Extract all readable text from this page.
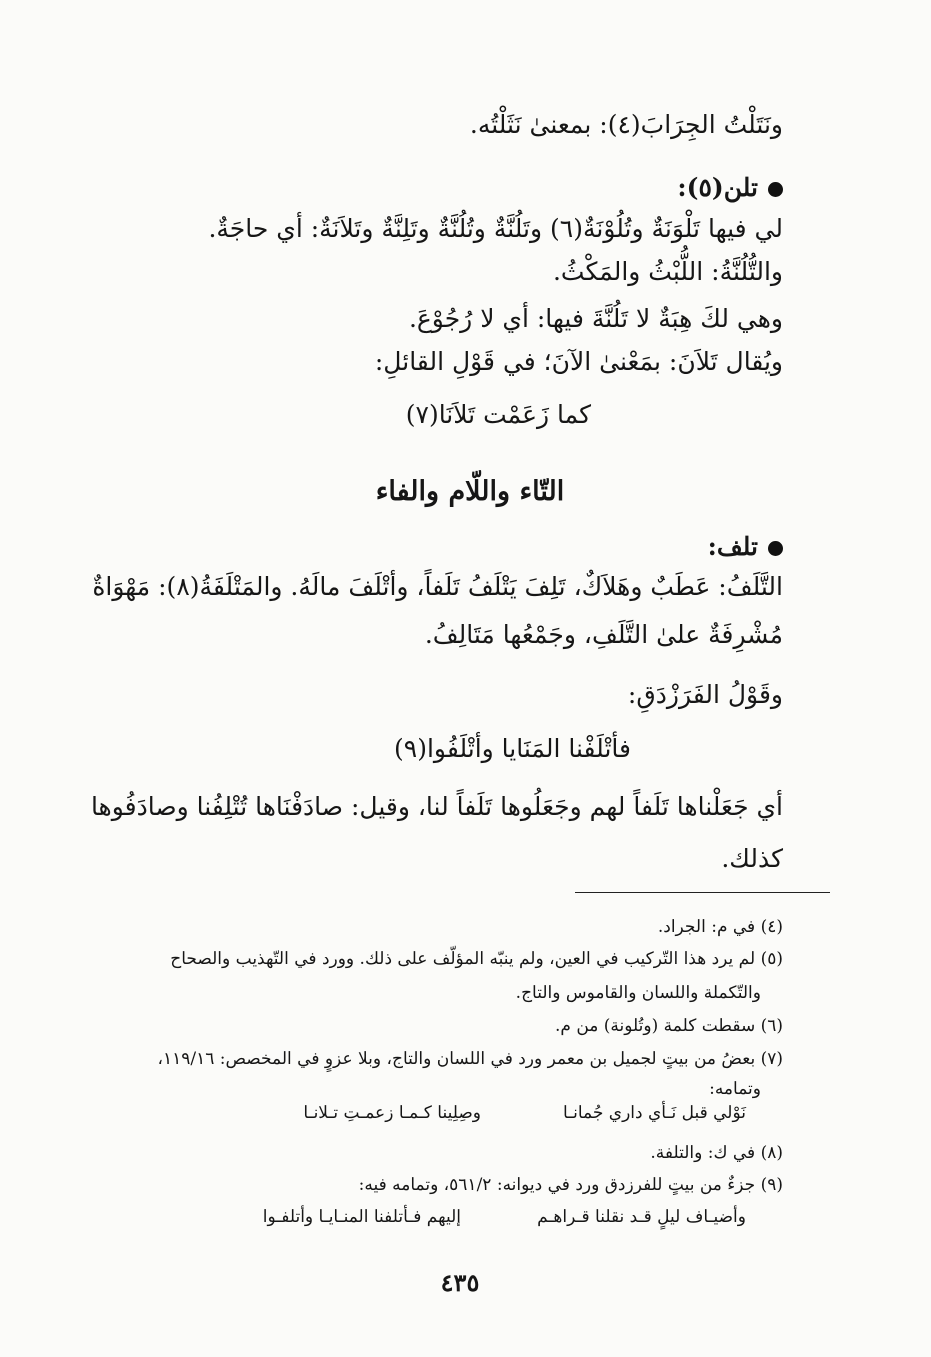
ونَتَلْتُ الجِرَابَ(٤): بمعنىٰ نَثَلْتُه.
تلن(٥):
لي فيها تَلْوَنَةٌ وتُلُوْنَةٌ(٦) وتَلُنَّةٌ وتُلُنَّةٌ وتَلِنَّةٌ وتَلاَنَةٌ: أي حاجَةٌ.
والتُّلُنَّةُ: اللُّبْثُ والمَكْثُ.
وهي لكَ هِبَةٌ لا تَلُنَّةَ فيها: أي لا رُجُوْعَ.
ويُقال تَلاَنَ: بمَعْنىٰ الآنَ؛ في قَوْلِ القائلِ:
كما زَعَمْت تَلاَنَا(٧)
التّاء واللّام والفاء
تلف:
التَّلَفُ: عَطَبٌ وهَلاَكٌ، تَلِفَ يَتْلَفُ تَلَفاً، وأتْلَفَ مالَهُ. والمَتْلَفَةُ(٨): مَهْوَاةٌ
مُشْرِفَةٌ علىٰ التَّلَفِ، وجَمْعُها مَتَالِفُ.
وقَوْلُ الفَرَزْدَقِ:
فأتْلَفْنا المَنَايا وأتْلَفُوا(٩)
أي جَعَلْناها تَلَفاً لهم وجَعَلُوها تَلَفاً لنا، وقيل: صادَفْنَاها تُتْلِفُنا وصادَفُوها
كذلك.
(٤) في م: الجراد.
(٥) لم يرد هذا التّركيب في العين، ولم ينبّه المؤلّف على ذلك. وورد في التّهذيب والصحاح
والتّكملة واللسان والقاموس والتاج.
(٦) سقطت كلمة (وتُلونة) من م.
(٧) بعضُ من بيتٍ لجميل بن معمر ورد في اللسان والتاج، وبلا عزوٍ في المخصص: ١١٩/١٦،
وتمامه:
نَوْلي قبل نَـأي داري جُمانـا
وصِلِينا كـمـا زعمـتِ تـلانـا
(٨) في ك: والتلفة.
(٩) جزءٌ من بيتٍ للفرزدق ورد في ديوانه: ٥٦١/٢، وتمامه فيه:
وأضيـاف ليلٍ قـد نقلنا قـراهـم
إليهم فـأتلفنا المنـايـا وأتلفـوا
٤٣٥
